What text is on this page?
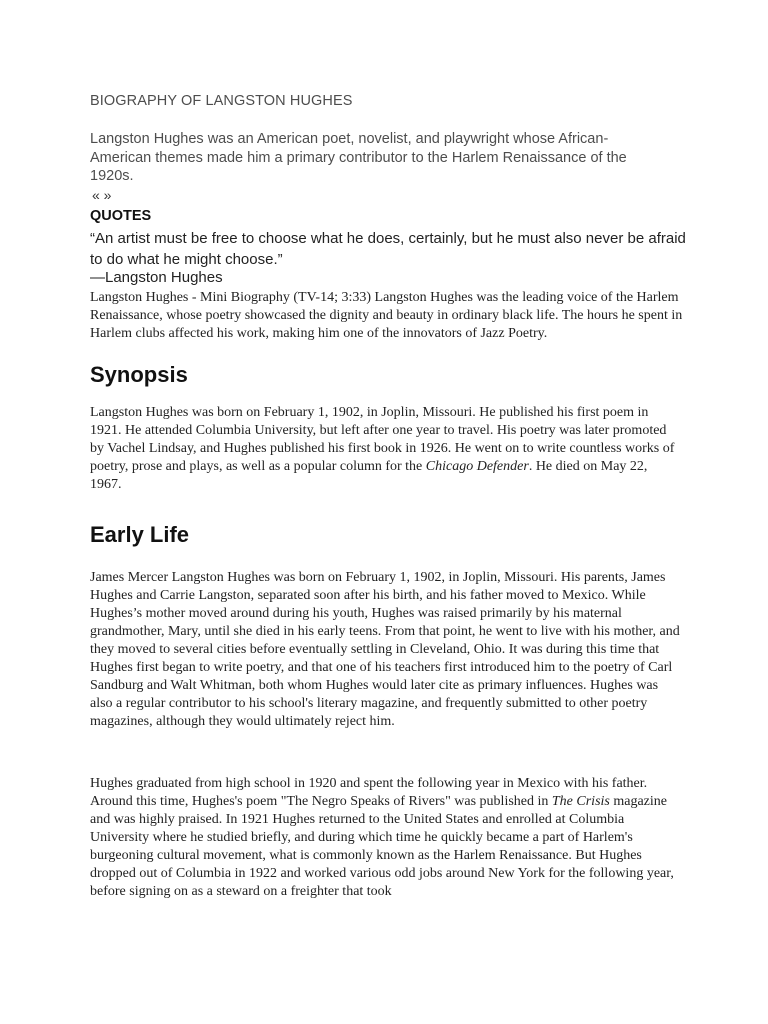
BIOGRAPHY OF LANGSTON HUGHES
Langston Hughes was an American poet, novelist, and playwright whose African-American themes made him a primary contributor to the Harlem Renaissance of the 1920s.
« »
QUOTES
“An artist must be free to choose what he does, certainly, but he must also never be afraid to do what he might choose.”
—Langston Hughes
Langston Hughes - Mini Biography (TV-14; 3:33) Langston Hughes was the leading voice of the Harlem Renaissance, whose poetry showcased the dignity and beauty in ordinary black life. The hours he spent in Harlem clubs affected his work, making him one of the innovators of Jazz Poetry.
Synopsis

Langston Hughes was born on February 1, 1902, in Joplin, Missouri. He published his first poem in 1921. He attended Columbia University, but left after one year to travel. His poetry was later promoted by Vachel Lindsay, and Hughes published his first book in 1926. He went on to write countless works of poetry, prose and plays, as well as a popular column for the Chicago Defender. He died on May 22, 1967.

Early Life

James Mercer Langston Hughes was born on February 1, 1902, in Joplin, Missouri. His parents, James Hughes and Carrie Langston, separated soon after his birth, and his father moved to Mexico. While Hughes’s mother moved around during his youth, Hughes was raised primarily by his maternal grandmother, Mary, until she died in his early teens. From that point, he went to live with his mother, and they moved to several cities before eventually settling in Cleveland, Ohio. It was during this time that Hughes first began to write poetry, and that one of his teachers first introduced him to the poetry of Carl Sandburg and Walt Whitman, both whom Hughes would later cite as primary influences. Hughes was also a regular contributor to his school's literary magazine, and frequently submitted to other poetry magazines, although they would ultimately reject him.

Hughes graduated from high school in 1920 and spent the following year in Mexico with his father. Around this time, Hughes's poem "The Negro Speaks of Rivers" was published in The Crisis magazine and was highly praised. In 1921 Hughes returned to the United States and enrolled at Columbia University where he studied briefly, and during which time he quickly became a part of Harlem's burgeoning cultural movement, what is commonly known as the Harlem Renaissance. But Hughes dropped out of Columbia in 1922 and worked various odd jobs around New York for the following year, before signing on as a steward on a freighter that took
